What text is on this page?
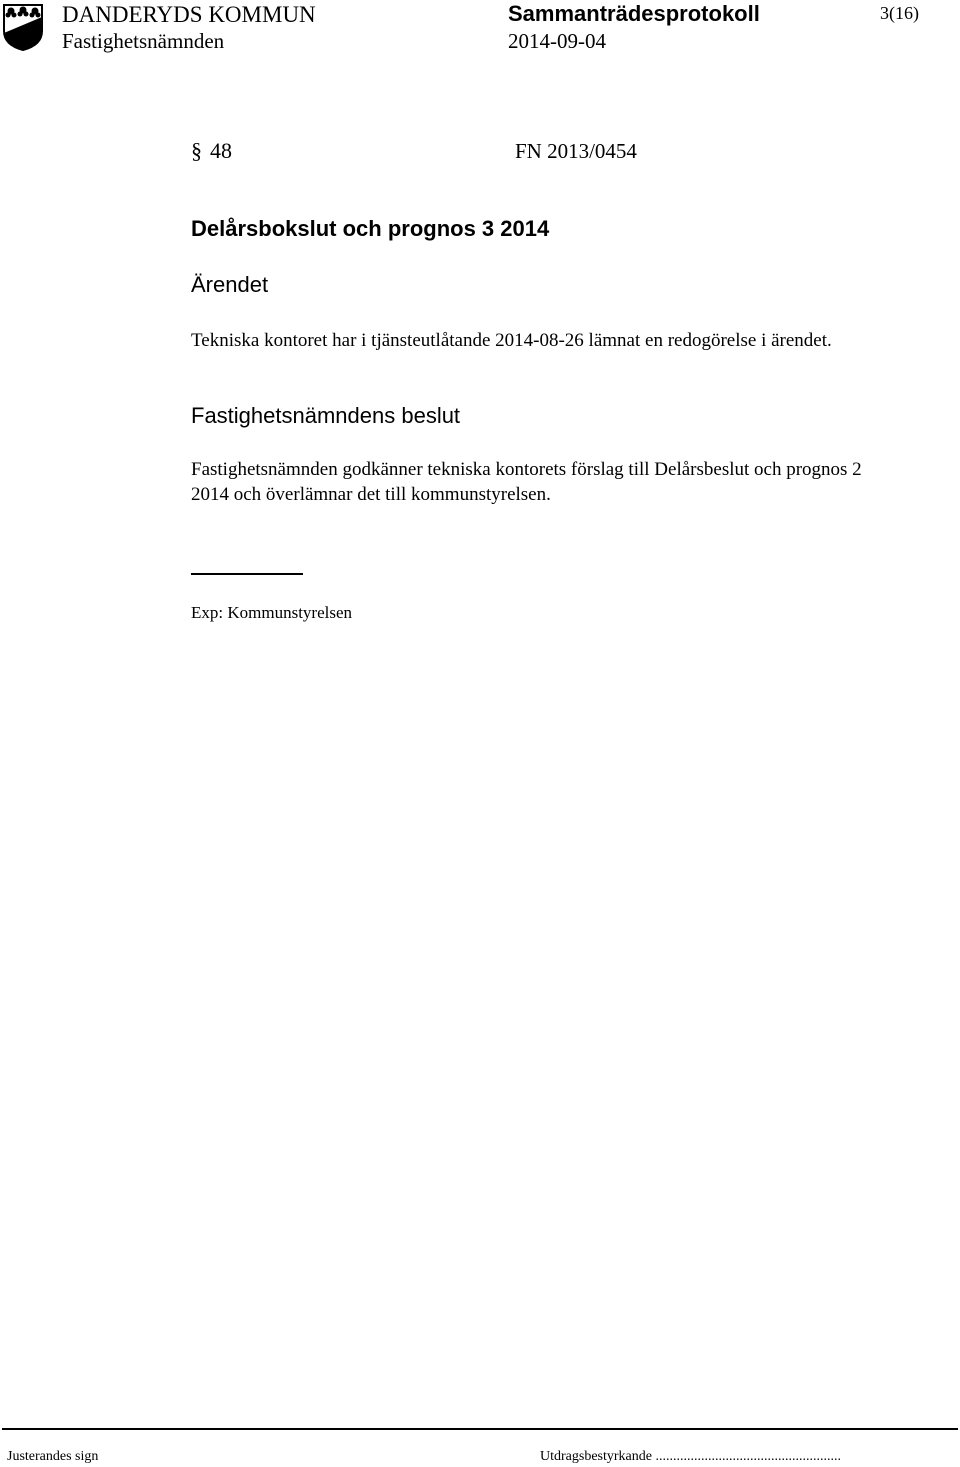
DANDERYDS KOMMUN
Fastighetsnämnden
Sammanträdesprotokoll
2014-09-04
3(16)
§ 48	FN 2013/0454
Delårsbokslut och prognos 3 2014
Ärendet
Tekniska kontoret har i tjänsteutlåtande 2014-08-26 lämnat en redogörelse i ärendet.
Fastighetsnämndens beslut
Fastighetsnämnden godkänner tekniska kontorets förslag till Delårsbeslut och prognos 2 2014 och överlämnar det till kommunstyrelsen.
Exp: Kommunstyrelsen
Justerandes sign	Utdragsbestyrkande .....................................................
